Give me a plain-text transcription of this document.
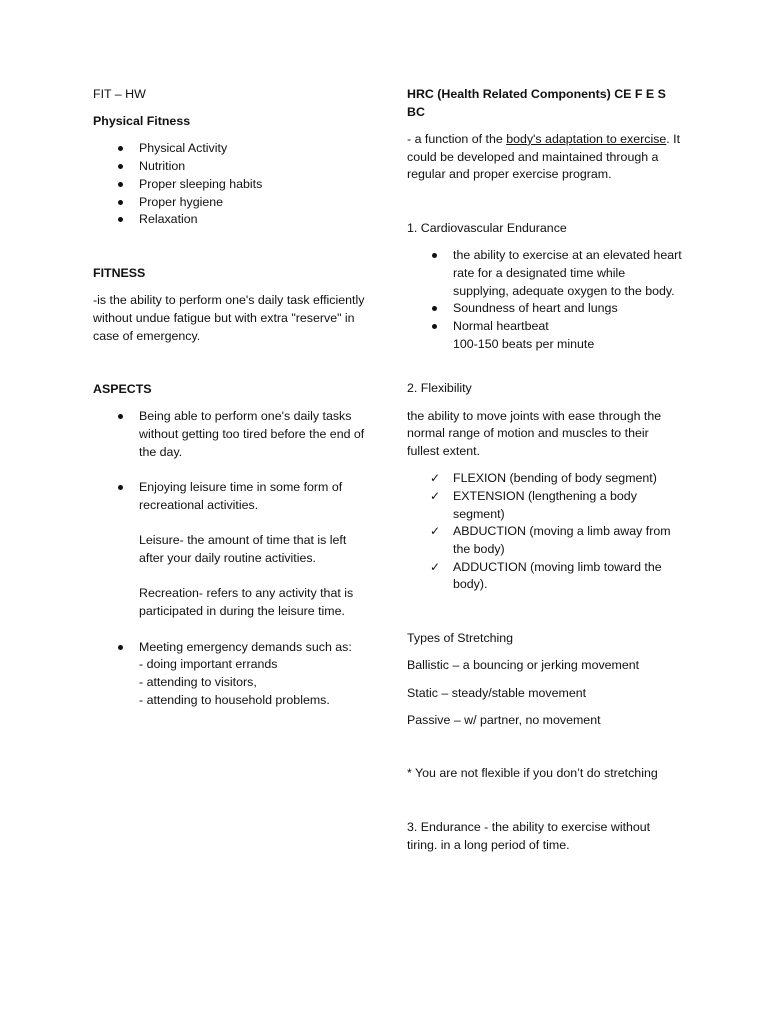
FIT – HW

Physical Fitness

Physical Activity
Nutrition
Proper sleeping habits
Proper hygiene
Relaxation

FITNESS

-is the ability to perform one's daily task efficiently without undue fatigue but with extra "reserve" in case of emergency.

ASPECTS

Being able to perform one's daily tasks without getting too tired before the end of the day.
Enjoying leisure time in some form of recreational activities.
Leisure- the amount of time that is left after your daily routine activities.
Recreation- refers to any activity that is participated in during the leisure time.
Meeting emergency demands such as:
- doing important errands
- attending to visitors,
- attending to household problems.

HRC (Health Related Components) CE F E S BC

- a function of the body's adaptation to exercise. It could be developed and maintained through a regular and proper exercise program.

1. Cardiovascular Endurance

the ability to exercise at an elevated heart rate for a designated time while supplying, adequate oxygen to the body.
Soundness of heart and lungs
Normal heartbeat
100-150 beats per minute

2. Flexibility

the ability to move joints with ease through the normal range of motion and muscles to their fullest extent.

✓ FLEXION (bending of body segment)
✓ EXTENSION (lengthening a body segment)
✓ ABDUCTION (moving a limb away from the body)
✓ ADDUCTION (moving limb toward the body).

Types of Stretching

Ballistic – a bouncing or jerking movement

Static – steady/stable movement

Passive – w/ partner, no movement

* You are not flexible if you don’t do stretching

3. Endurance - the ability to exercise without tiring. in a long period of time.
